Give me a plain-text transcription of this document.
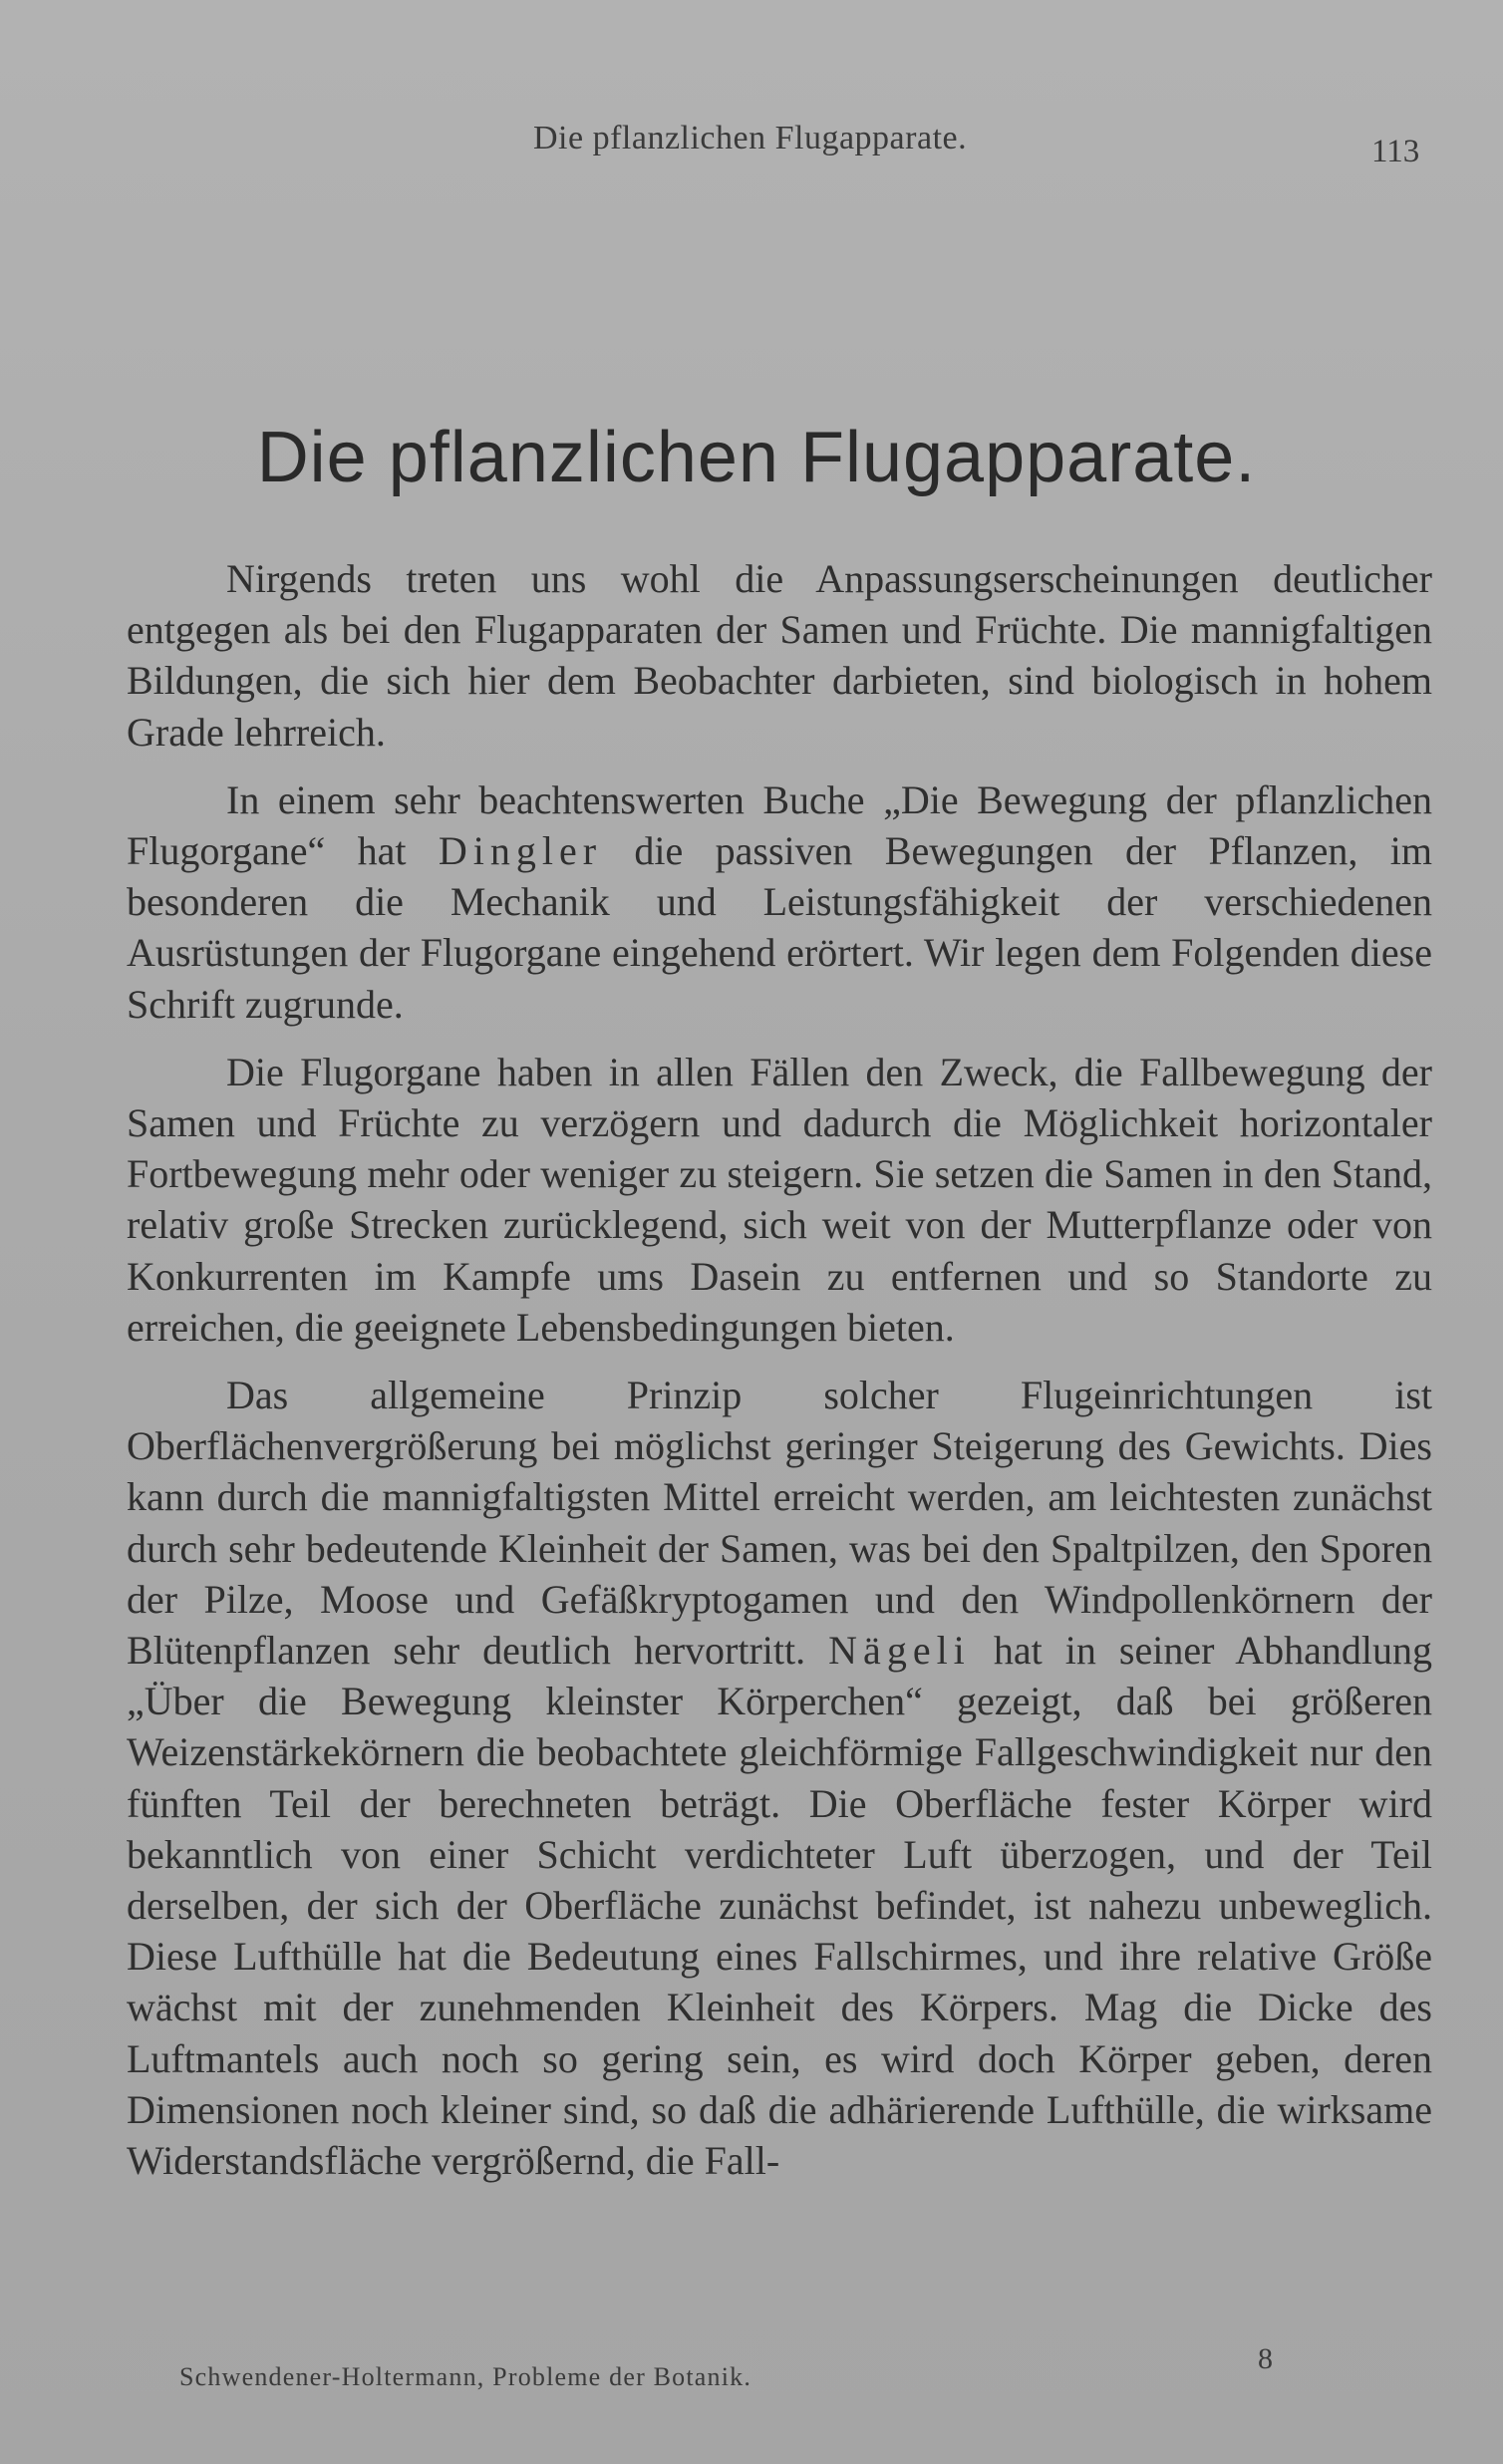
Die pflanzlichen Flugapparate.	113
Die pflanzlichen Flugapparate.

Nirgends treten uns wohl die Anpassungserscheinungen deutlicher entgegen als bei den Flugapparaten der Samen und Früchte. Die mannigfaltigen Bildungen, die sich hier dem Beobachter darbieten, sind biologisch in hohem Grade lehrreich.

In einem sehr beachtenswerten Buche „Die Bewegung der pflanzlichen Flugorgane“ hat Dingler die passiven Bewegungen der Pflanzen, im besonderen die Mechanik und Leistungsfähigkeit der verschiedenen Ausrüstungen der Flugorgane eingehend erörtert. Wir legen dem Folgenden diese Schrift zugrunde.

Die Flugorgane haben in allen Fällen den Zweck, die Fallbewegung der Samen und Früchte zu verzögern und dadurch die Möglichkeit horizontaler Fortbewegung mehr oder weniger zu steigern. Sie setzen die Samen in den Stand, relativ große Strecken zurücklegend, sich weit von der Mutterpflanze oder von Konkurrenten im Kampfe ums Dasein zu entfernen und so Standorte zu erreichen, die geeignete Lebensbedingungen bieten.

Das allgemeine Prinzip solcher Flugeinrichtungen ist Oberflächenvergrößerung bei möglichst geringer Steigerung des Gewichts. Dies kann durch die mannigfaltigsten Mittel erreicht werden, am leichtesten zunächst durch sehr bedeutende Kleinheit der Samen, was bei den Spaltpilzen, den Sporen der Pilze, Moose und Gefäßkryptogamen und den Windpollenkörnern der Blütenpflanzen sehr deutlich hervortritt. Nägeli hat in seiner Abhandlung „Über die Bewegung kleinster Körperchen“ gezeigt, daß bei größeren Weizenstärkekörnern die beobachtete gleichförmige Fallgeschwindigkeit nur den fünften Teil der berechneten beträgt. Die Oberfläche fester Körper wird bekanntlich von einer Schicht verdichteter Luft überzogen, und der Teil derselben, der sich der Oberfläche zunächst befindet, ist nahezu unbeweglich. Diese Lufthülle hat die Bedeutung eines Fallschirmes, und ihre relative Größe wächst mit der zunehmenden Kleinheit des Körpers. Mag die Dicke des Luftmantels auch noch so gering sein, es wird doch Körper geben, deren Dimensionen noch kleiner sind, so daß die adhärierende Lufthülle, die wirksame Widerstandsfläche vergrößernd, die Fall-

Schwendener-Holtermann, Probleme der Botanik.
8
